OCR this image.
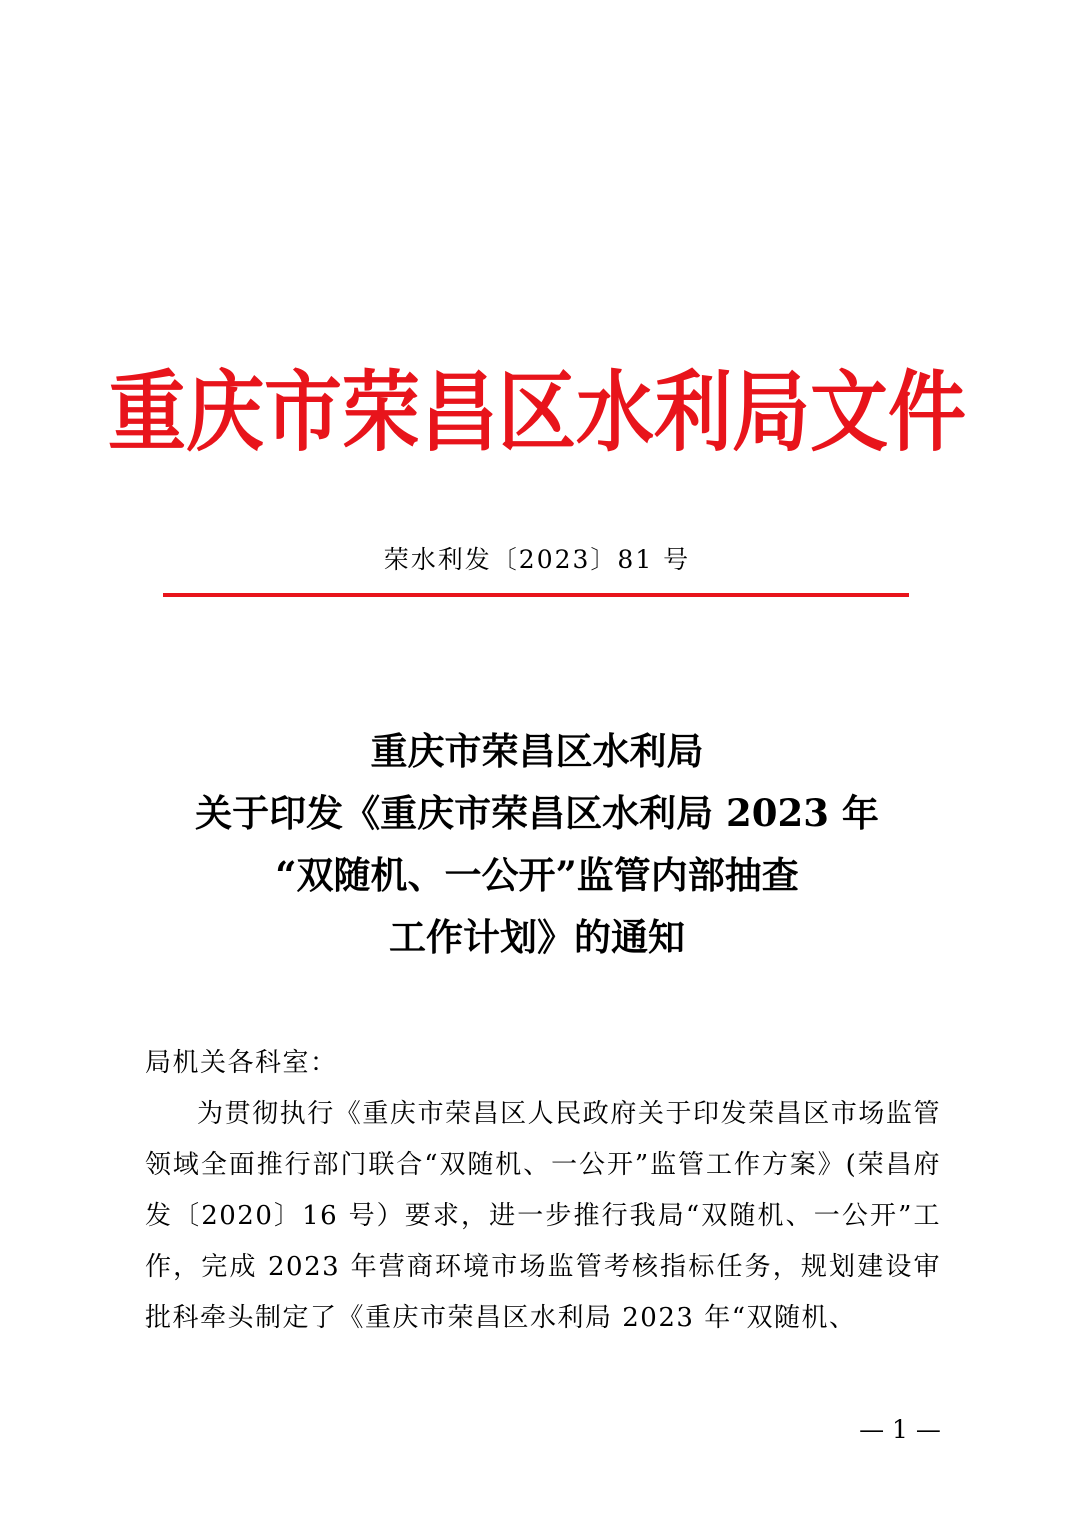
重庆市荣昌区水利局文件
荣水利发〔2023〕81 号
重庆市荣昌区水利局
关于印发《重庆市荣昌区水利局 2023 年
“双随机、一公开”监管内部抽查
工作计划》的通知
局机关各科室：
为贯彻执行《重庆市荣昌区人民政府关于印发荣昌区市场监管领域全面推行部门联合“双随机、一公开”监管工作方案》(荣昌府发〔2020〕16 号）要求，进一步推行我局“双随机、一公开”工作，完成 2023 年营商环境市场监管考核指标任务，规划建设审批科牵头制定了《重庆市荣昌区水利局 2023 年“双随机、
— 1 —
